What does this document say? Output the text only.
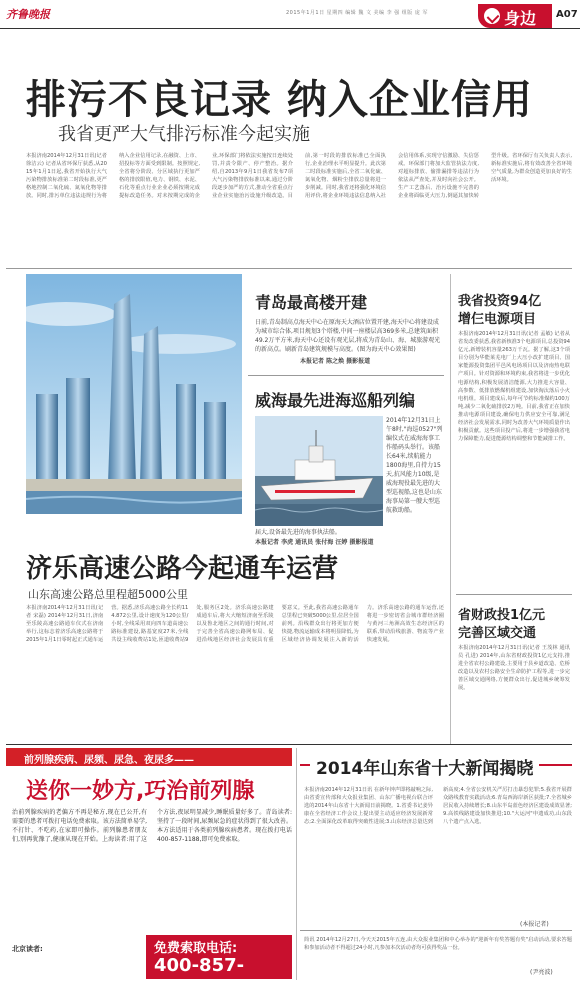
齐鲁晚报	2015年1月1日 星期四 编辑 魏 文 美编 李 强 组版 庞 军	身边 A07
排污不良记录 纳入企业信用
我省更严大气排污标准今起实施
本报济南2014年12月31日讯(记者 徐洁云) 记者从省环保厅获悉,从2015年1月1日起,我省开始执行大气污染物排放标准第二时段标准,更严格地控制二氧化硫、氮氧化物等排放。同时,排污单位违法违规行为将纳入企业信用记录,在融资、上市、招投标等方面受到限制。按照规定,全省将分阶段、分区域执行更加严格的排放限值,电力、钢铁、水泥、石化等重点行业企业必须按期完成提标改造任务。对未按期完成的企业,环保部门将依法实施按日连续处罚,并责令限产、停产整治。据介绍,自2013年9月1日我省发布7项大气污染物排放标准以来,通过分阶段逐步加严的方式,推动全省重点行业企业实施治污设施升级改造。目前,第一时段的排放标准已全面执行,企业治理水平明显提升。此次第二时段标准实施后,全省二氧化硫、氮氧化物、烟粉尘排放总量将进一步削减。同时,我省还将强化环境信用评价,将企业环境违法信息纳入社会信用体系,实现守信激励、失信惩戒。环保部门将加大监管执法力度,对超标排放、偷排漏排等违法行为依法从严查处,并及时向社会公开。生产工艺落后、治污设施不完善的企业将面临更大压力,倒逼其加快转型升级。省环保厅有关负责人表示,新标准实施后,将有效改善全省环境空气质量,为群众创造更加良好的生活环境。
青岛最高楼开建
日前,青岛制高点海天中心在原海天大酒店位置开建,海天中心将建设成为城市综合体,项目规划3个塔楼,中间一座楼层高369多米,总建筑面积49.2万平方米,海天中心还设有观光层,将成为青岛山、海、城旅游观光的新高点。刷新青岛建筑规模与高度。(图为海天中心效果图)
本报记者 陈之焕 摄影报道
威海最先进海巡船列编
2014年12月31日上午8时,"海巡0527"列编仪式在威海海事工作船码头举行。该船长64米,续航能力1800海里,自持力15天,抗风能力10级,是威海现役最先进的大型巡视船,这也是山东海事局第一艘大型巡航救助船。
届大,设备最先进的海事执法船。
本报记者 李虎 通讯员 张付海 汪婷 摄影报道
我省投资94亿
增仨电源项目
本报济南2014年12月31日讯(记者 孟敏) 记者从省发改委获悉,我省新核准3个电源项目,总投资94亿元,新增装机容量263万千瓦。据了解,这3个项目分别为华能莱芜电厂上大压小改扩建项目、国家能源投资集团平邑风电场项目以及济南热电联产项目。针对资源和环境约束,我省将进一步优化电源结构,积极发展清洁能源,大力推进大容量、高参数、低排放燃煤机组建设,加快淘汰落后小火电机组。项目建成后,每年可节约标准煤约100万吨,减少二氧化硫排放2万吨。目前,我省正在加快推动电源项目建设,确保电力供应安全可靠,满足经济社会发展需求,同时为改善大气环境质量作出积极贡献。这些项目投产后,将进一步增强我省电力保障能力,促进能源结构调整和节能减排工作。
省财政投1亿元
完善区域交通
本报济南2014年12月31日讯(记者 王茂林 通讯员 孔进) 2014年,山东省财政投资1亿元支持,推进全省农村公路建设,主要用于县乡道改造、危桥改造以及农村公路安全生命防护工程等,进一步完善区域交通网络,方便群众出行,促进城乡统筹发展。
济乐高速公路今起通车运营
山东高速公路总里程超5000公里
本报济南2014年12月31日讯(记者 宋磊) 2014年12月31日,济南至乐陵高速公路通车仪式在济南举行,这标志着济乐高速公路将于2015年1月1日零时起正式通车运营。据悉,济乐高速公路全长约114.872公里,设计速度为120公里/小时,全线采用双向四车道高速公路标准建设,路基宽度27米,全线共设主线收费站1处,匝道收费站9处,服务区2处。济乐高速公路建成通车后,将大大缩短济南至乐陵以及鲁北地区之间的通行时间,对于完善全省高速公路网布局、促进沿线地区经济社会发展具有重要意义。至此,我省高速公路通车总里程已突破5000公里,位居全国前列。沿线群众出行将更加方便快捷,物流运输成本将明显降低,为区域经济协调发展注入新的活力。济乐高速公路的通车运营,还将进一步密切省会城市群经济圈与黄河三角洲高效生态经济区的联系,带动沿线旅游、物流等产业快速发展。
前列腺疾病、尿频、尿急、夜尿多——
送你一妙方,巧治前列腺
治前列腺疾病的老偏方不再是秘方,现在已公开,有需要的患者可拨打电话免费索取。该方法简单易学,不打针、不吃药,在家即可操作。前列腺患者朋友们,别再犹豫了,健康从现在开始。上海读者:用了这个方法,夜尿明显减少,睡眠质量好多了。青岛读者:坚持了一段时间,尿频尿急的症状得到了很大改善。本方法适用于各类前列腺疾病患者。现在拨打电话400-857-1188,即可免费索取。
免费索取电话:
400-857-1188
北京读者:
2014年山东省十大新闻揭晓
本报济南2014年12月31日讯 在新年钟声即将敲响之际,由省委宣传部和大众报业集团、山东广播电视台联合评选的2014年山东省十大新闻日前揭晓。1.省委书记姜异康在全省经济工作会议上提出要主动适应经济发展新常态;2.全面深化改革取得突破性进展;3.山东经济总量达到新高度;4.全省公安机关严厉打击暴恐犯罪;5.我省开展群众路线教育实践活动;6.青岛西海岸新区获批;7.全省城乡居民收入持续增长;8.山东半岛蓝色经济区建设成效显著;9.高铁线路建设加快推进;10."大运河"申遗成功,山东段八个遗产点入选。
(本报记者)
简讯 2014年12月27日,今天天2015年五连,由大众报业集团和中心举办的"迎新年有奖答题有奖"启动活动,要求答题和参加活动者不得超过24小时,凡参加本次活动者均可获得奖品一份。
(尹亮波)
